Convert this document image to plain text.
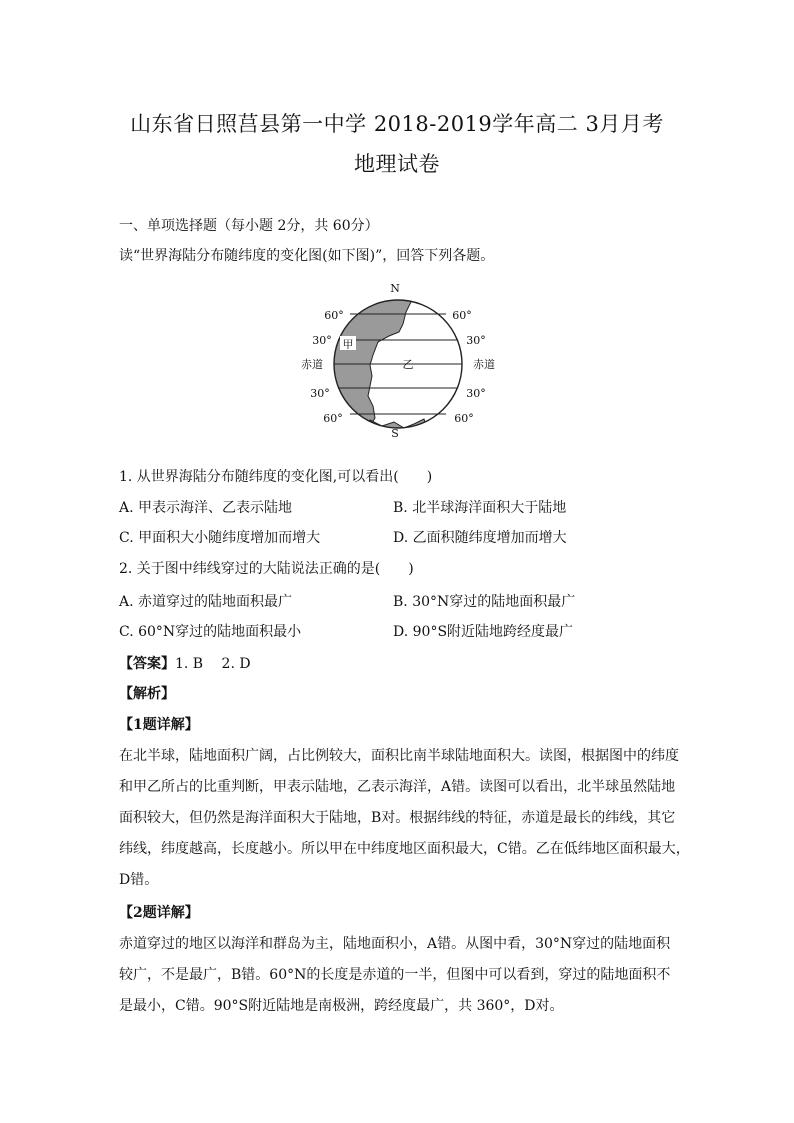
山东省日照莒县第一中学 2018-2019学年高二 3月月考
地理试卷
一、单项选择题（每小题 2分，共 60分）
读“世界海陆分布随纬度的变化图(如下图)”，回答下列各题。
N
S
60°	60°
30°	30°
赤道	赤道
30°	30°
60°	60°
甲
乙
1. 从世界海陆分布随纬度的变化图,可以看出(　　)
A. 甲表示海洋、乙表示陆地	B. 北半球海洋面积大于陆地
C. 甲面积大小随纬度增加而增大	D. 乙面积随纬度增加而增大
2. 关于图中纬线穿过的大陆说法正确的是(　　)
A. 赤道穿过的陆地面积最广	B. 30°N穿过的陆地面积最广
C. 60°N穿过的陆地面积最小	D. 90°S附近陆地跨经度最广
【答案】1. B　 2. D
【解析】
【1题详解】
在北半球，陆地面积广阔，占比例较大，面积比南半球陆地面积大。读图，根据图中的纬度
和甲乙所占的比重判断，甲表示陆地，乙表示海洋，A错。读图可以看出，北半球虽然陆地
面积较大，但仍然是海洋面积大于陆地，B对。根据纬线的特征，赤道是最长的纬线，其它
纬线，纬度越高，长度越小。所以甲在中纬度地区面积最大，C错。乙在低纬地区面积最大，
D错。
【2题详解】
赤道穿过的地区以海洋和群岛为主，陆地面积小，A错。从图中看，30°N穿过的陆地面积
较广，不是最广，B错。60°N的长度是赤道的一半，但图中可以看到，穿过的陆地面积不
是最小，C错。90°S附近陆地是南极洲，跨经度最广，共 360°，D对。
